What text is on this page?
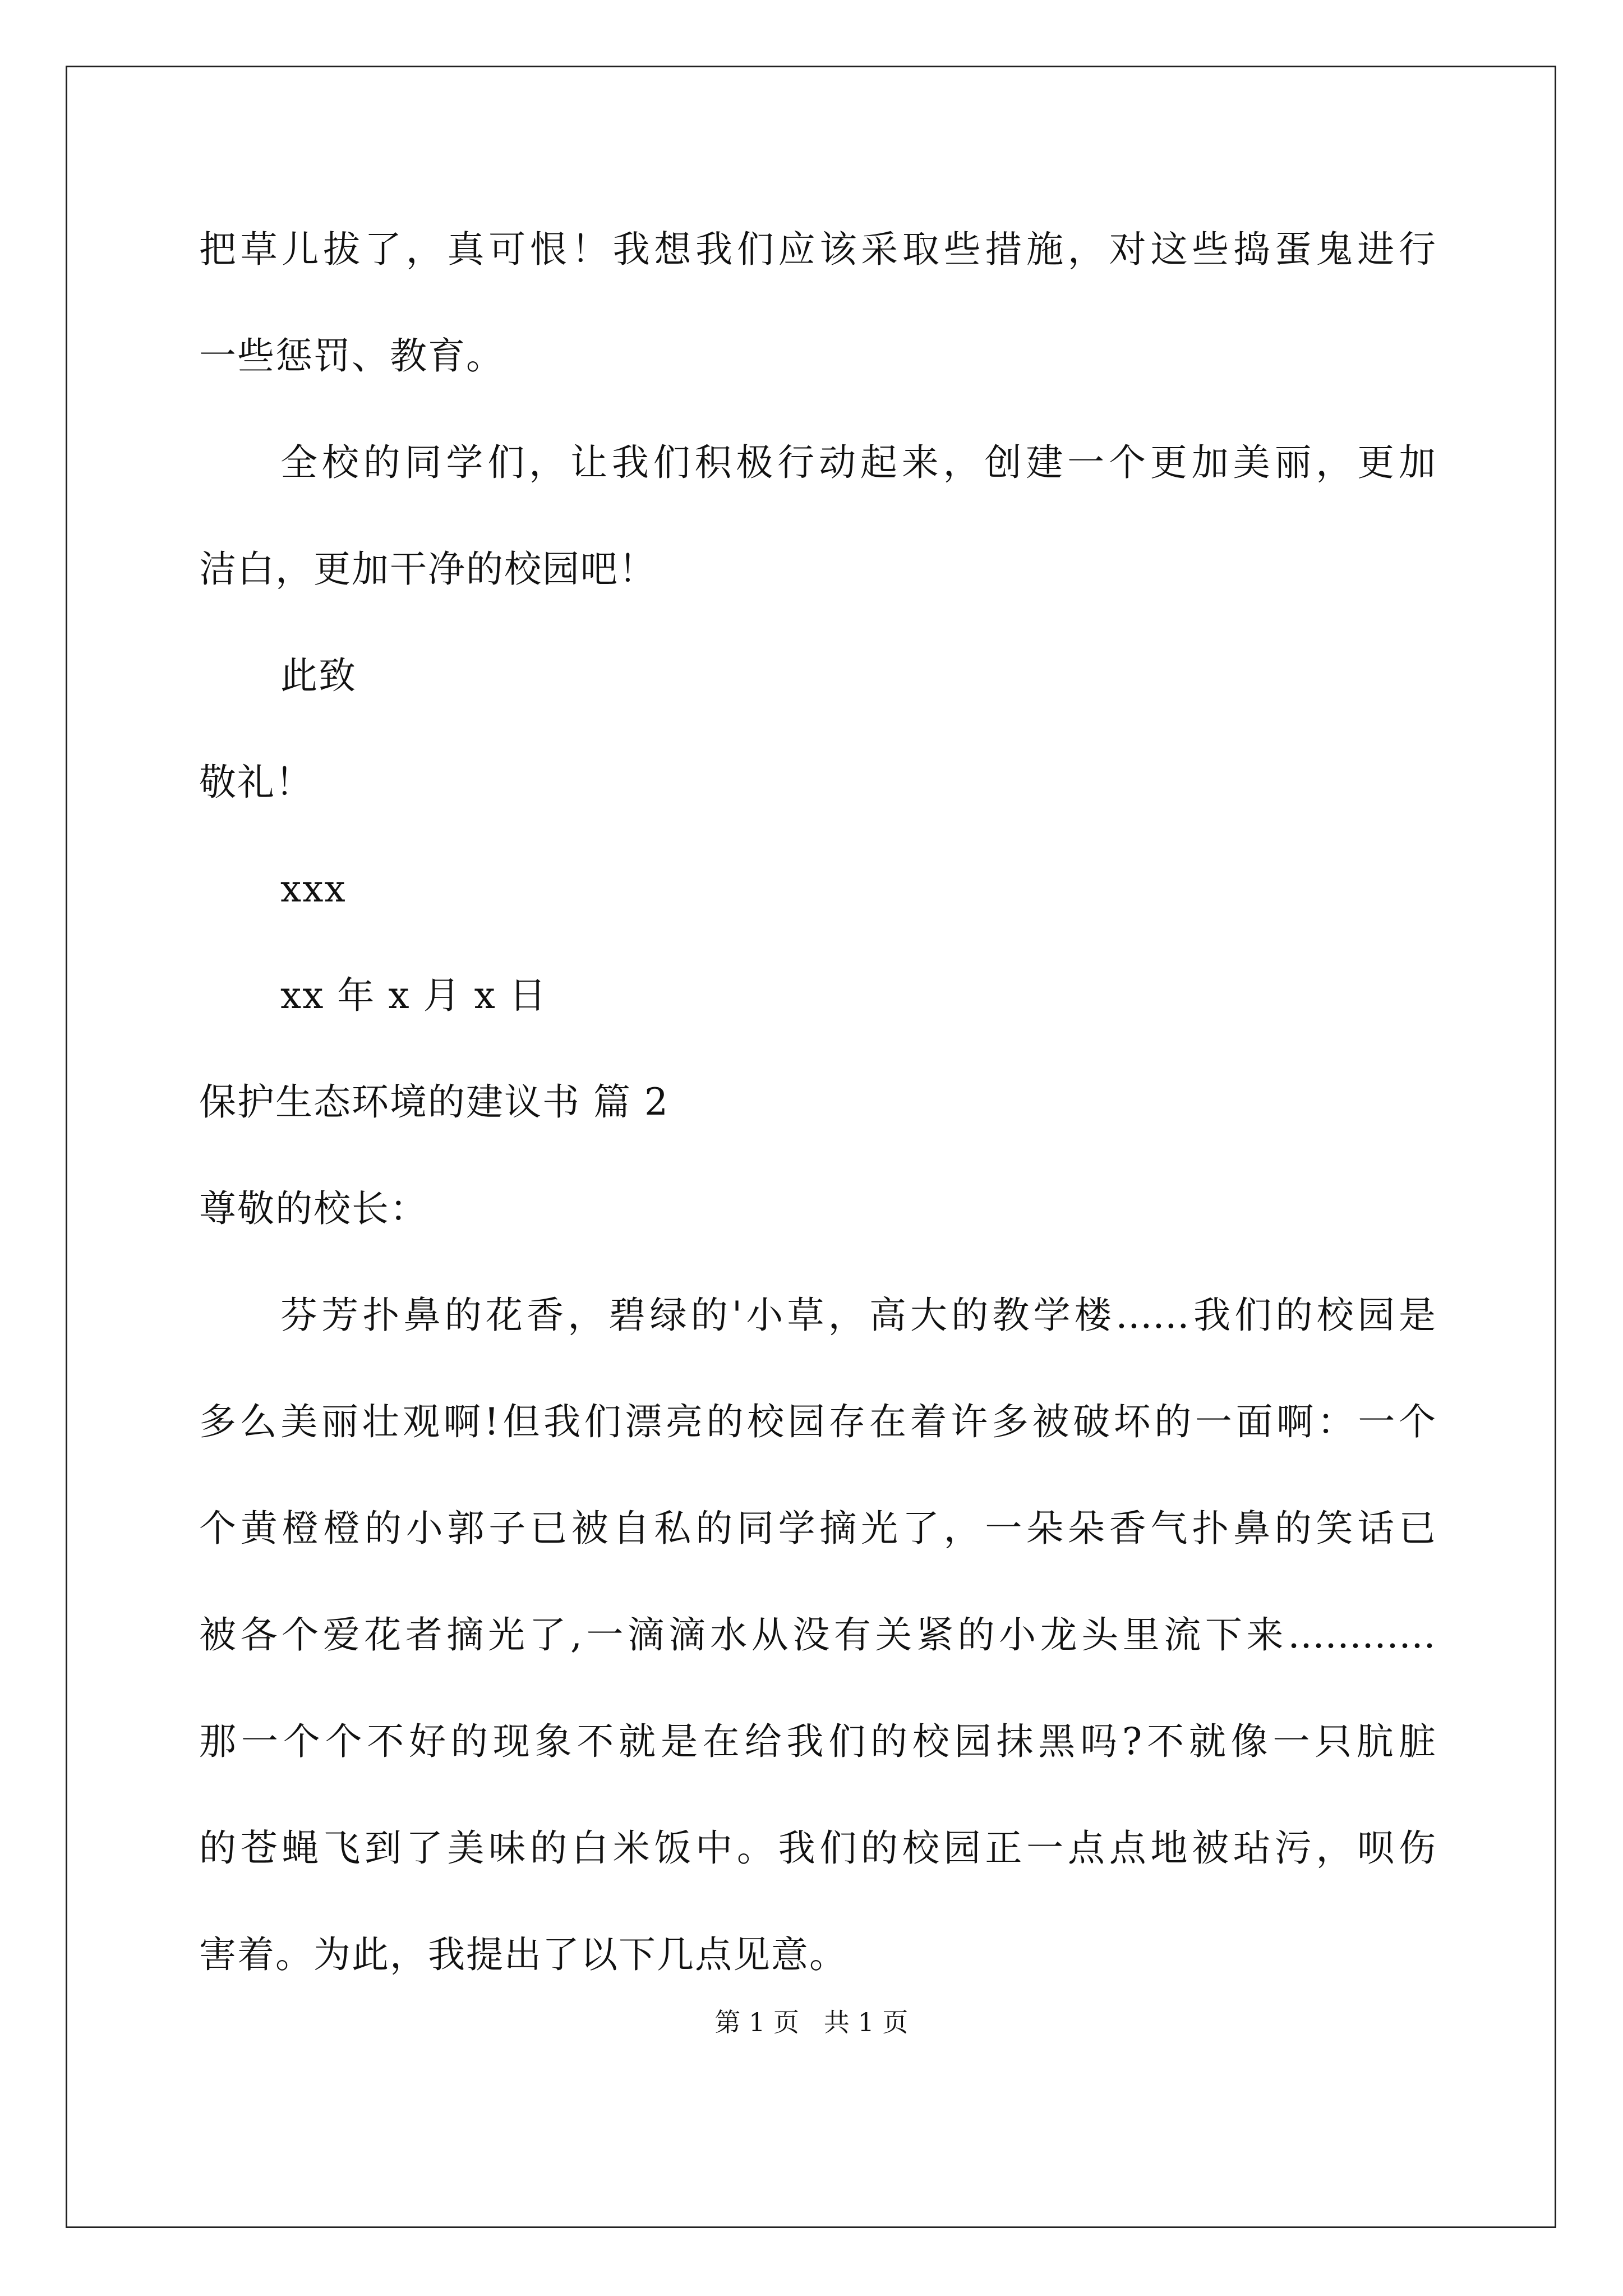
把草儿拔了，真可恨！我想我们应该采取些措施，对这些捣蛋鬼进行
一些惩罚、教育。
全校的同学们，让我们积极行动起来，创建一个更加美丽，更加
洁白，更加干净的校园吧！
此致
敬礼！
xxx
xx 年 x 月 x 日
保护生态环境的建议书 篇 2
尊敬的校长：
芬芳扑鼻的花香，碧绿的'小草，高大的教学楼……我们的校园是
多么美丽壮观啊!但我们漂亮的校园存在着许多被破坏的一面啊：一个
个黄橙橙的小郭子已被自私的同学摘光了，一朵朵香气扑鼻的笑话已
被各个爱花者摘光了,一滴滴水从没有关紧的小龙头里流下来…………
那一个个不好的现象不就是在给我们的校园抹黑吗?不就像一只肮脏
的苍蝇飞到了美味的白米饭中。我们的校园正一点点地被玷污，呗伤
害着。为此，我提出了以下几点见意。
第 1 页   共 1 页
